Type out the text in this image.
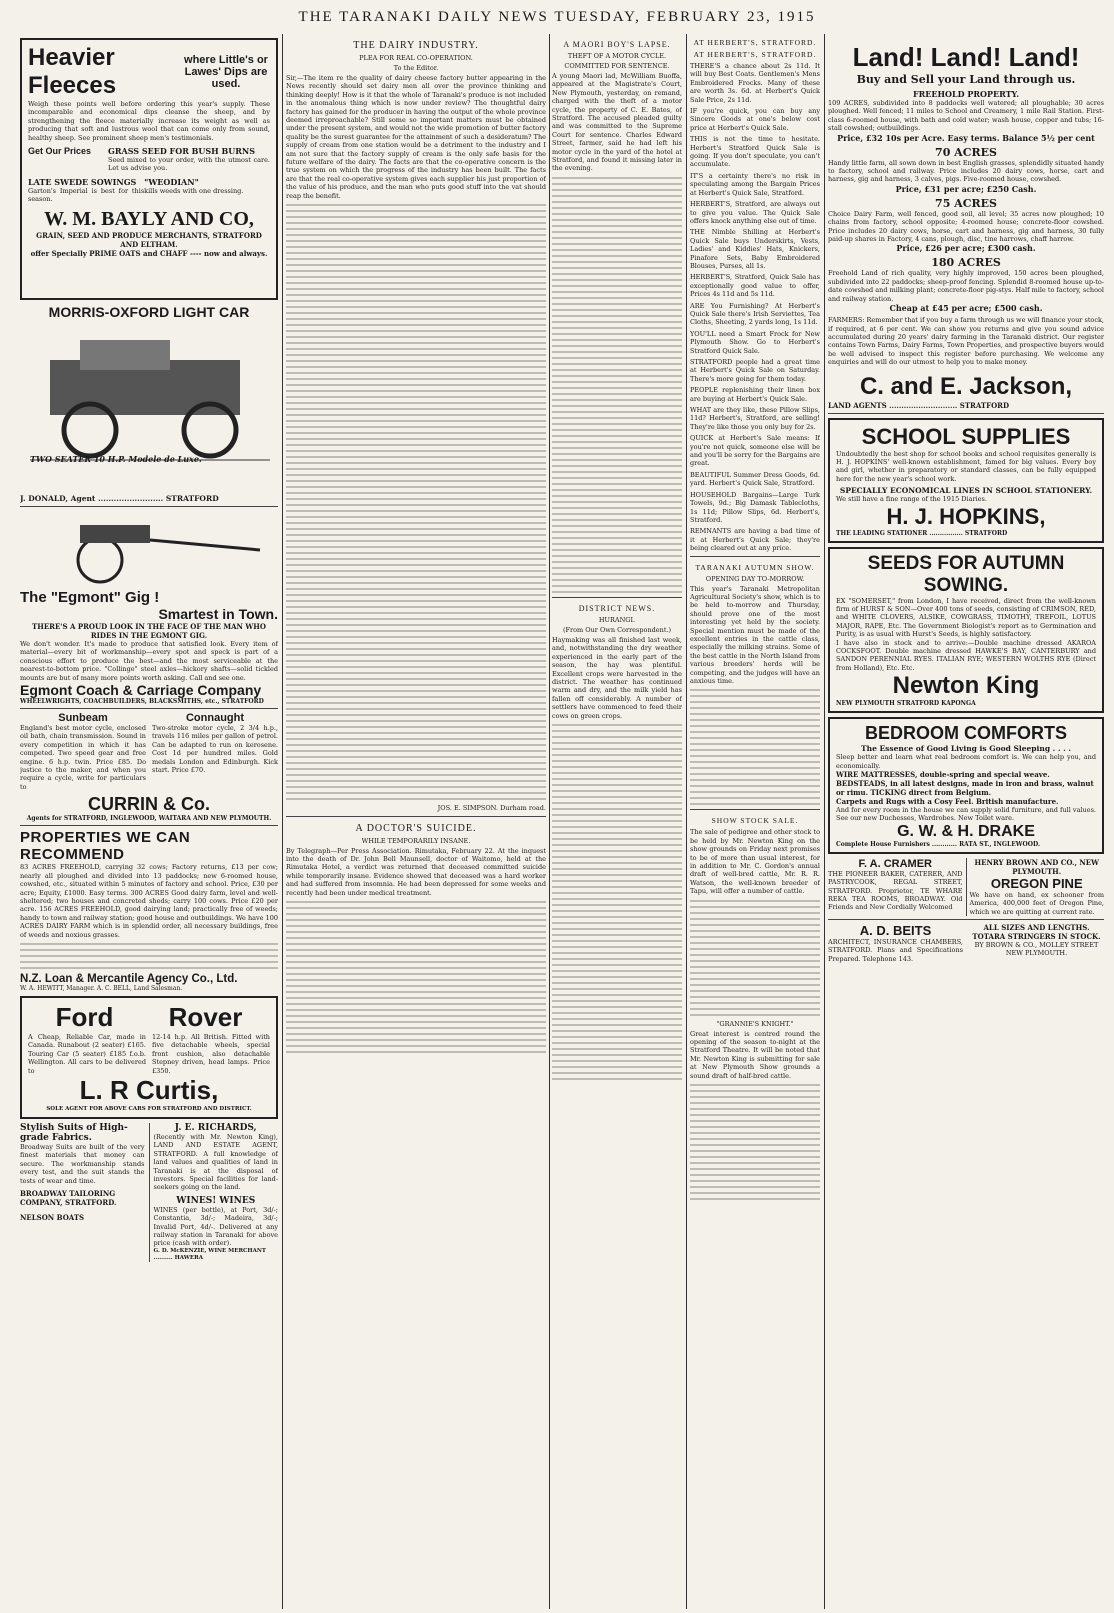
THE TARANAKI DAILY NEWS TUESDAY, FEBRUARY 23, 1915
Heavier Fleeces
where Little's or Lawes' Dips are used.
Weigh these points well before ordering this year's supply. These incomparable and economical dips cleanse the sheep, and by strengthening the fleece materially increase its weight as well as producing that soft and lustrous wool that can come only from sound, healthy sheep. See prominent sheep men's testimonials.
Get Our Prices	GRASS SEED FOR BUSH BURNS
Seed mixed to your order, with the utmost care. Let us advise you.
LATE SWEDE SOWINGS
Garton's Imperial is best for this season.
"WEODIAN"
kills weeds with one dressing.
W. M. BAYLY AND CO,
GRAIN, SEED AND PRODUCE MERCHANTS, STRATFORD AND ELTHAM.
offer Specially PRIME OATS and CHAFF ---- now and always.
MORRIS-OXFORD LIGHT CAR
TWO SEATER 10 H.P. Modele de Luxe.
J. DONALD, Agent ......................... STRATFORD
The "Egmont" Gig !
Smartest in Town.
THERE'S A PROUD LOOK IN THE FACE OF THE MAN WHO RIDES IN THE EGMONT GIG.
We don't wonder. It's made to produce that satisfied look. Every item of material—every bit of workmanship—every spot and speck is part of a conscious effort to produce the best—and the most serviceable at the nearest-to-bottom price. "Collinge" steel axles—hickory shafts—solid tickled mounts are but of many more points worth asking. Call and see one.
Egmont Coach & Carriage Company
WHEELWRIGHTS, COACHBUILDERS, BLACKSMITHS, etc., STRATFORD
Sunbeam
England's best motor cycle, enclosed oil bath, chain transmission. Sound in every competition in which it has competed. Two speed gear and free engine. 6 h.p. twin. Price £85. Do justice to the maker, and when you require a cycle, write for particulars to
Connaught
Two-stroke motor cycle, 2 3/4 h.p., travels 116 miles per gallon of petrol. Can be adapted to run on kerosene. Cost 1d per hundred miles. Gold medals London and Edinburgh. Kick start. Price £70.
CURRIN & Co.
Agents for STRATFORD, INGLEWOOD, WAITARA AND NEW PLYMOUTH.
PROPERTIES WE CAN RECOMMEND
83 ACRES FREEHOLD, carrying 32 cows; Factory returns, £13 per cow; nearly all ploughed and divided into 13 paddocks; new 6-roomed house, cowshed, etc., situated within 5 minutes of factory and school. Price, £30 per acre; Equity, £1000. Easy terms. 300 ACRES Good dairy farm, level and well-sheltered; two houses and concreted sheds; carry 100 cows. Price £20 per acre. 156 ACRES FREEHOLD, good dairying land; practically free of weeds; handy to town and railway station; good house and outbuildings. We have 100 ACRES DAIRY FARM which is in splendid order, all necessary buildings, free of weeds and noxious grasses.
N.Z. Loan & Mercantile Agency Co., Ltd.
W. A. HEWITT, Manager. A. C. BELL, Land Salesman.
Ford Rover
A Cheap, Reliable Car, made in Canada. Runabout (2 seater) £165. Touring Car (5 seater) £185 f.o.b. Wellington. All cars to be delivered to
12-14 h.p. All British. Fitted with five detachable wheels, special front cushion, also detachable Stepney driven, head lamps. Price £350.
L. R Curtis,
SOLE AGENT FOR ABOVE CARS FOR STRATFORD AND DISTRICT.
Stylish Suits of High-grade Fabrics.
Broadway Suits are built of the very finest materials that money can secure. The workmanship stands every test, and the suit stands the tests of wear and time.
BROADWAY TAILORING COMPANY, STRATFORD.
NELSON BOATS
J. E. RICHARDS,
(Recently with Mr. Newton King), LAND AND ESTATE AGENT, STRATFORD. A full knowledge of land values and qualities of land in Taranaki is at the disposal of investors. Special facilities for land-seekers going on the land.
WINES! WINES
WINES (per bottle), at Port, 3d/-; Constantia, 3d/-; Madeira, 3d/-; Invalid Port, 4d/-. Delivered at any railway station in Taranaki for above price (cash with order).
G. D. McKENZIE, WINE MERCHANT .......... HAWERA
THE DAIRY INDUSTRY.
PLEA FOR REAL CO-OPERATION.
To the Editor.
Sir,—The item re the quality of dairy cheese factory butter appearing in the News recently should set dairy men all over the province thinking and thinking deeply! How is it that the whole of Taranaki's produce is not included in the anomalous thing which is now under review? The thoughtful dairy factory has gained for the producer in having the output of the whole province deemed irreproachable? Still some so important matters must be obtained under the present system, and would not the wide promotion of butter factory quality be the surest guarantee for the attainment of such a desideratum? The supply of cream from one station would be a detriment to the industry and I am not sure that the factory supply of cream is the only safe basis for the future welfare of the dairy. The facts are that the co-operative concern is the true system on which the progress of the industry has been built. The facts are that the real co-operative system gives each supplier his just proportion of the value of his produce, and the man who puts good stuff into the vat should reap the benefit.
JOS. E. SIMPSON. Durham road.
A DOCTOR'S SUICIDE.
WHILE TEMPORARILY INSANE.
By Telegraph—Per Press Association. Rimutaka, February 22. At the inquest into the death of Dr. John Bell Maunsell, doctor of Waitomo, held at the Rimutaka Hotel, a verdict was returned that deceased committed suicide while temporarily insane. Evidence showed that deceased was a hard worker and had suffered from insomnia. He had been depressed for some weeks and recently had been under medical treatment.
A MAORI BOY'S LAPSE.
THEFT OF A MOTOR CYCLE.
COMMITTED FOR SENTENCE.
A young Maori lad, McWilliam Buoffa, appeared at the Magistrate's Court, New Plymouth, yesterday, on remand, charged with the theft of a motor cycle, the property of C. E. Bates, of Stratford. The accused pleaded guilty and was committed to the Supreme Court for sentence. Charles Edward Street, farmer, said he had left his motor cycle in the yard of the hotel at Stratford, and found it missing later in the evening.
DISTRICT NEWS.
HURANGI.
(From Our Own Correspondent.)
Haymaking was all finished last week, and, notwithstanding the dry weather experienced in the early part of the season, the hay was plentiful. Excellent crops were harvested in the district. The weather has continued warm and dry, and the milk yield has fallen off considerably. A number of settlers have commenced to feed their cows on green crops.
AT HERBERT'S, STRATFORD.
AT HERBERT'S, STRATFORD.
THERE'S a chance about 2s 11d. It will buy Best Coats. Gentlemen's Mens Embroidered Frocks. Many of these are worth 3s. 6d. at Herbert's Quick Sale Price, 2s 11d.
IF you're quick, you can buy any Sincere Goods at one's below cost price at Herbert's Quick Sale.
THIS is not the time to hesitate. Herbert's Stratford Quick Sale is going. If you don't speculate, you can't accumulate.
IT'S a certainty there's no risk in speculating among the Bargain Prices at Herbert's Quick Sale, Stratford.
HERBERT'S, Stratford, are always out to give you value. The Quick Sale offers knock anything else out of time.
THE Nimble Shilling at Herbert's Quick Sale buys Underskirts, Vests, Ladies' and Kiddies' Hats, Knickers, Pinafore Sets, Baby Embroidered Blouses, Purses, all 1s.
HERBERT'S, Stratford, Quick Sale has exceptionally good value to offer, Prices 4s 11d and 5s 11d.
ARE You Furnishing? At Herbert's Quick Sale there's Irish Serviettes, Tea Cloths, Sheeting, 2 yards long, 1s 11d.
YOU'LL need a Smart Frock for New Plymouth Show. Go to Herbert's Stratford Quick Sale.
STRATFORD people had a great time at Herbert's Quick Sale on Saturday. There's more going for them today.
PEOPLE replenishing their linen box are buying at Herbert's Quick Sale.
WHAT are they like, these Pillow Slips, 11d? Herbert's, Stratford, are selling! They're like those you only buy for 2s.
QUICK at Herbert's Sale means: If you're not quick, someone else will be and you'll be sorry for the Bargains are great.
BEAUTIFUL Summer Dress Goods, 6d. yard. Herbert's Quick Sale, Stratford.
HOUSEHOLD Bargains—Large Turk Towels, 9d.; Big Damask Tablecloths, 1s 11d; Pillow Slips, 6d. Herbert's, Stratford.
REMNANTS are having a bad time of it at Herbert's Quick Sale; they're being cleared out at any price.
TARANAKI AUTUMN SHOW.
OPENING DAY TO-MORROW.
This year's Taranaki Metropolitan Agricultural Society's show, which is to be held to-morrow and Thursday, should prove one of the most interesting yet held by the society. Special mention must be made of the excellent entries in the cattle class, especially the milking strains. Some of the best cattle in the North Island from various breeders' herds will be competing, and the judges will have an anxious time.
SHOW STOCK SALE.
The sale of pedigree and other stock to be held by Mr. Newton King on the show grounds on Friday next promises to be of more than usual interest, for in addition to Mr. C. Gordon's annual draft of well-bred cattle, Mr. R. R. Watson, the well-known breeder of Tapu, will offer a number of cattle.
"GRANNIE'S KNIGHT."
Great interest is centred round the opening of the season to-night at the Stratford Theatre. It will be noted that Mr. Newton King is submitting for sale at New Plymouth Show grounds a sound draft of half-bred cattle.
Land! Land! Land!
Buy and Sell your Land through us.
FREEHOLD PROPERTY.
109 ACRES, subdivided into 8 paddocks well watered; all ploughable; 30 acres ploughed. Well fenced; 11 miles to School and Creamery, 1 mile Rail Station. First-class 6-roomed house, with bath and cold water; wash house, copper and tubs; 16-stall cowshed; outbuildings.
Price, £32 10s per Acre. Easy terms. Balance 5½ per cent
70 ACRES
Handy little farm, all sown down in best English grasses, splendidly situated handy to factory, school and railway. Price includes 20 dairy cows, horse, cart and harness, gig and harness, 3 calves, pigs. Five-roomed house, cowshed.
Price, £31 per acre; £250 Cash.
75 ACRES
Choice Dairy Farm, well fenced, good soil, all level; 35 acres now ploughed; 10 chains from factory, school opposite; 4-roomed house; concrete-floor cowshed. Price includes 20 dairy cows, horse, cart and harness, gig and harness, 30 fully paid-up shares in Factory, 4 cans, plough, disc, tine harrows, chaff harrow.
Price, £26 per acre; £300 cash.
180 ACRES
Freehold Land of rich quality, very highly improved, 150 acres been ploughed, subdivided into 22 paddocks; sheep-proof fencing. Splendid 8-roomed house up-to-date cowshed and milking plant; concrete-floor pig-stys. Half mile to factory, school and railway station.
Cheap at £45 per acre; £500 cash.
FARMERS: Remember that if you buy a farm through us we will finance your stock, if required, at 6 per cent. We can show you returns and give you sound advice accumulated during 20 years' dairy farming in the Taranaki district. Our register contains Town Farms, Dairy Farms, Town Properties, and prospective buyers would be well advised to inspect this register before purchasing. We welcome any enquiries and will do our utmost to help you to make money.
C. and E. Jackson,
LAND AGENTS ............................ STRATFORD
SCHOOL SUPPLIES
Undoubtedly the best shop for school books and school requisites generally is H. J. HOPKINS' well-known establishment, famed for big values. Every boy and girl, whether in preparatory or standard classes, can be fully equipped here for the new year's school work.
SPECIALLY ECONOMICAL LINES IN SCHOOL STATIONERY.
We still have a fine range of the 1915 Diaries.
H. J. HOPKINS,
THE LEADING STATIONER ................ STRATFORD
SEEDS FOR AUTUMN
SOWING.
EX "SOMERSET," from London, I have received, direct from the well-known firm of HURST & SON—Over 400 tons of seeds, consisting of CRIMSON, RED, and WHITE CLOVERS, ALSIKE, COWGRASS, TIMOTHY, TREFOIL, LOTUS MAJOR, RAPE, Etc. The Government Biologist's report as to Germination and Purity, is as usual with Hurst's Seeds, is highly satisfactory.
I have also in stock and to arrive:—Double machine dressed AKAROA COCKSFOOT. Double machine dressed HAWKE'S BAY, CANTERBURY and SANDON PERENNIAL RYES. ITALIAN RYE; WESTERN WOLTHS RYE (Direct from Holland), Etc. Etc.
Newton King
NEW PLYMOUTH STRATFORD KAPONGA
BEDROOM COMFORTS
The Essence of Good Living is Good Sleeping . . . .
Sleep better and learn what real bedroom comfort is. We can help you, and economically.
WIRE MATTRESSES, double-spring and special weave.
BEDSTEADS, in all latest designs, made in iron and brass, walnut or rimu. TICKING direct from Belgium.
Carpets and Rugs with a Cosy Feel. British manufacture.
And for every room in the house we can supply solid furniture, and full values. See our new Duchesses, Wardrobes. New Toilet ware.
G. W. & H. DRAKE
Complete House Furnishers ............ RATA ST., INGLEWOOD.
F. A. CRAMER
THE PIONEER BAKER, CATERER, AND PASTRYCOOK, REGAL STREET, STRATFORD. Proprietor, TE WHARE REKA TEA ROOMS, BROADWAY. Old Friends and New Cordially Welcomed
HENRY BROWN AND CO., NEW PLYMOUTH.
OREGON PINE
We have on hand, ex schooner from America, 400,000 feet of Oregon Pine, which we are quitting at current rate.
A. D. BEITS
ARCHITECT, INSURANCE CHAMBERS, STRATFORD. Plans and Specifications Prepared. Telephone 143.
ALL SIZES AND LENGTHS.
TOTARA STRINGERS IN STOCK.
BY BROWN & CO., MOLLEY STREET NEW PLYMOUTH.
